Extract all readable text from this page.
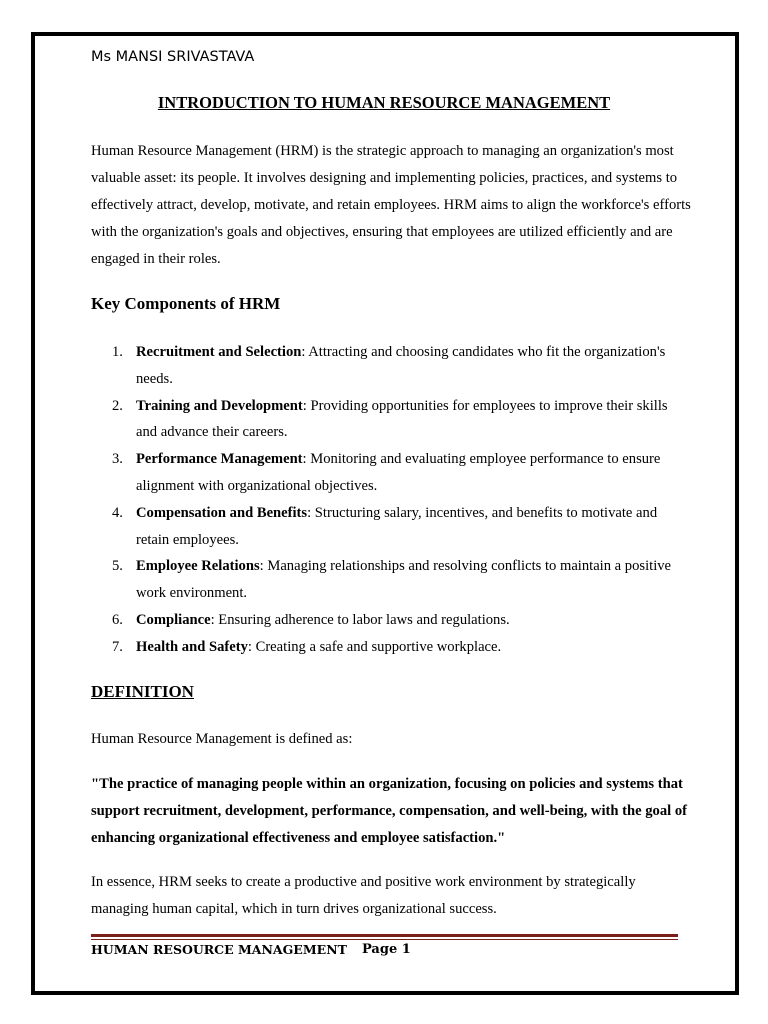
Ms MANSI SRIVASTAVA
INTRODUCTION TO HUMAN RESOURCE MANAGEMENT
Human Resource Management (HRM) is the strategic approach to managing an organization's most valuable asset: its people. It involves designing and implementing policies, practices, and systems to effectively attract, develop, motivate, and retain employees. HRM aims to align the workforce's efforts with the organization's goals and objectives, ensuring that employees are utilized efficiently and are engaged in their roles.
Key Components of HRM
1. Recruitment and Selection: Attracting and choosing candidates who fit the organization's needs.
2. Training and Development: Providing opportunities for employees to improve their skills and advance their careers.
3. Performance Management: Monitoring and evaluating employee performance to ensure alignment with organizational objectives.
4. Compensation and Benefits: Structuring salary, incentives, and benefits to motivate and retain employees.
5. Employee Relations: Managing relationships and resolving conflicts to maintain a positive work environment.
6. Compliance: Ensuring adherence to labor laws and regulations.
7. Health and Safety: Creating a safe and supportive workplace.
DEFINITION
Human Resource Management is defined as:
"The practice of managing people within an organization, focusing on policies and systems that support recruitment, development, performance, compensation, and well-being, with the goal of enhancing organizational effectiveness and employee satisfaction."
In essence, HRM seeks to create a productive and positive work environment by strategically managing human capital, which in turn drives organizational success.
HUMAN RESOURCE MANAGEMENT Page 1
